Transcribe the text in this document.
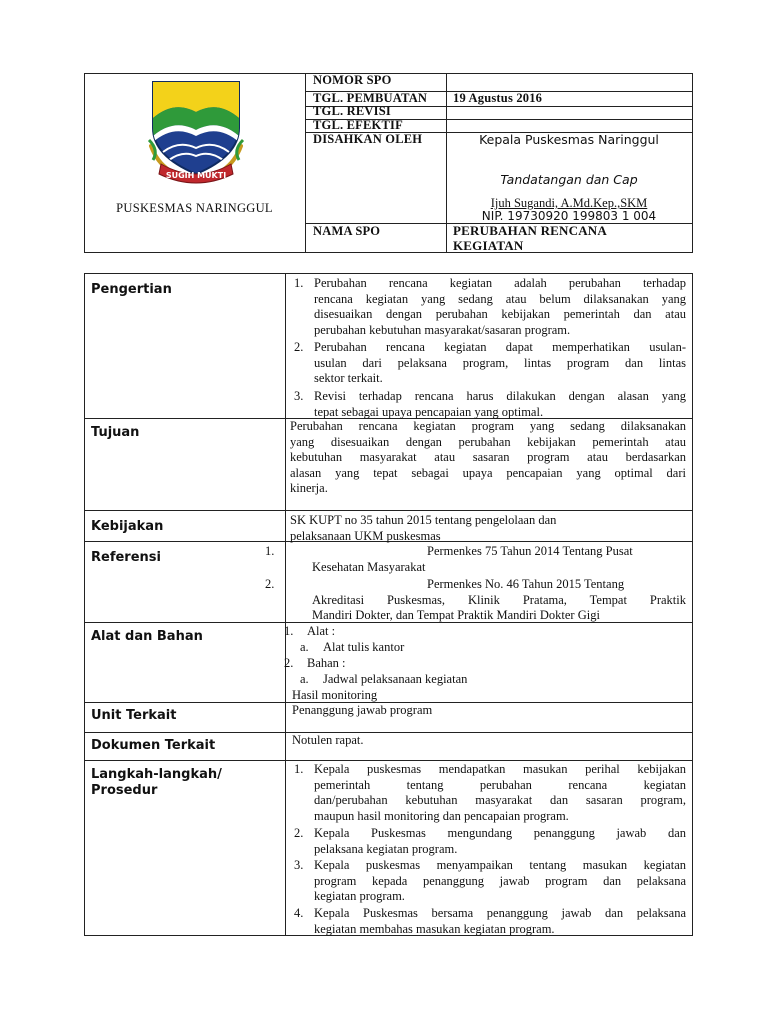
SUGIH MUKTI
PUSKESMAS NARINGGUL
NOMOR SPO
TGL. PEMBUATAN 19 Agustus 2016
TGL. REVISI
TGL. EFEKTIF
DISAHKAN OLEH	Kepala Puskesmas Naringgul
Tandatangan dan Cap
Ijuh Sugandi, A.Md.Kep.,SKM
NIP. 19730920 199803 1 004
NAMA SPO	PERUBAHAN RENCANA
KEGIATAN
Pengertian	1. Perubahan rencana kegiatan adalah perubahan terhadap
rencana kegiatan yang sedang atau belum dilaksanakan yang
disesuaikan dengan perubahan kebijakan pemerintah dan atau
perubahan kebutuhan masyarakat/sasaran program.
2. Perubahan rencana kegiatan dapat memperhatikan usulan-
usulan dari pelaksana program, lintas program dan lintas
sektor terkait.
3. Revisi terhadap rencana harus dilakukan dengan alasan yang
tepat sebagai upaya pencapaian yang optimal.
Tujuan	Perubahan rencana kegiatan program yang sedang dilaksanakan
yang disesuaikan dengan perubahan kebijakan pemerintah atau
kebutuhan masyarakat atau sasaran program atau berdasarkan
alasan yang tepat sebagai upaya pencapaian yang optimal dari
kinerja.
Kebijakan	SK KUPT no 35 tahun 2015 tentang pengelolaan dan
pelaksanaan UKM puskesmas
Referensi	1.	Permenkes 75 Tahun 2014 Tentang Pusat
Kesehatan Masyarakat
2.	Permenkes No. 46 Tahun 2015 Tentang
Akreditasi Puskesmas, Klinik Pratama, Tempat Praktik
Mandiri Dokter, dan Tempat Praktik Mandiri Dokter Gigi
Alat dan Bahan	1. Alat :
a. Alat tulis kantor
2. Bahan :
a. Jadwal pelaksanaan kegiatan
Hasil monitoring
Unit Terkait	Penanggung jawab program
Dokumen Terkait	Notulen rapat.
Langkah-langkah/
Prosedur
1. Kepala puskesmas mendapatkan masukan perihal kebijakan
pemerintah tentang perubahan rencana kegiatan
dan/perubahan kebutuhan masyarakat dan sasaran program,
maupun hasil monitoring dan pencapaian program.
2. Kepala Puskesmas mengundang penanggung jawab dan
pelaksana kegiatan program.
3. Kepala puskesmas menyampaikan tentang masukan kegiatan
program kepada penanggung jawab program dan pelaksana
kegiatan program.
4. Kepala Puskesmas bersama penanggung jawab dan pelaksana
kegiatan membahas masukan kegiatan program.
